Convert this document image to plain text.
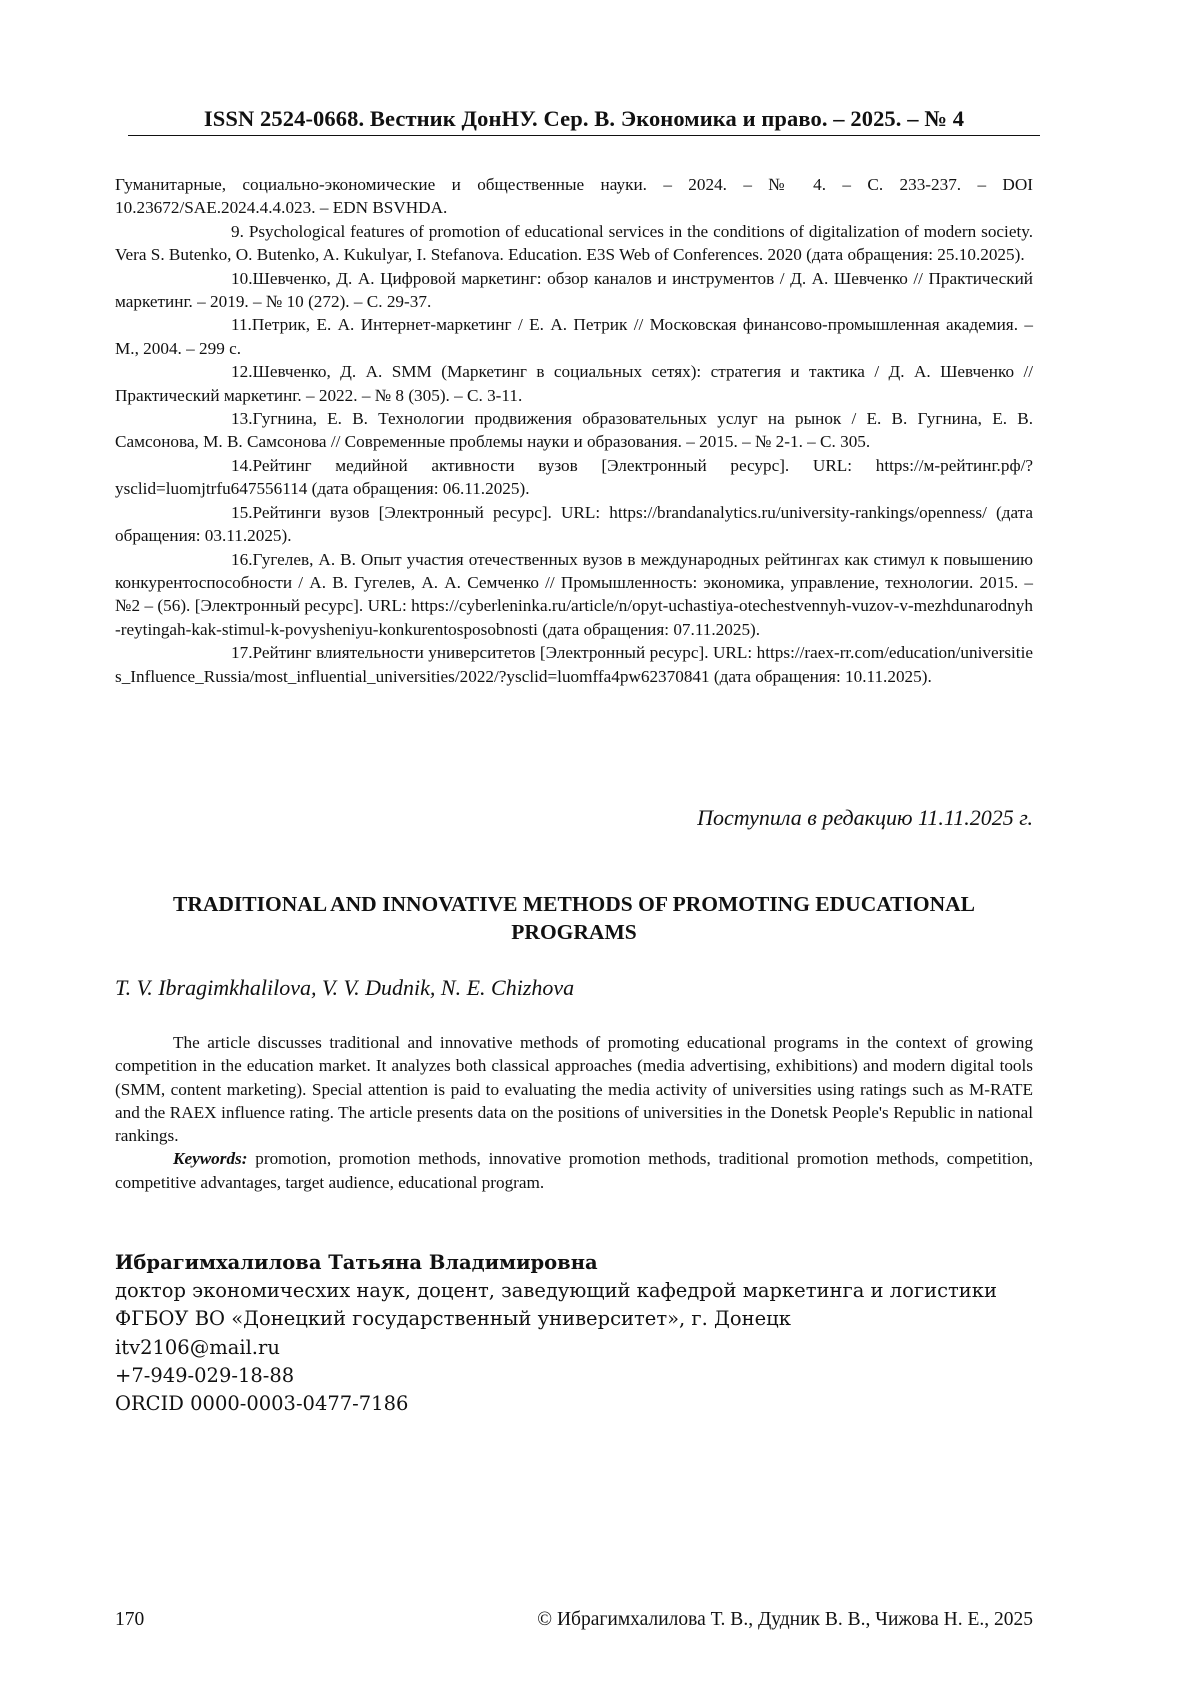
ISSN 2524-0668. Вестник ДонНУ. Сер. В. Экономика и право. – 2025. – № 4

Гуманитарные, социально-экономические и общественные науки. – 2024. – № 4. – С. 233-237. – DOI 10.23672/SAE.2024.4.4.023. – EDN BSVHDA.

9. Psychological features of promotion of educational services in the conditions of digitalization of modern society. Vera S. Butenko, O. Butenko, A. Kukulyar, I. Stefanova. Education. E3S Web of Conferences. 2020 (дата обращения: 25.10.2025).

10.Шевченко, Д. А. Цифровой маркетинг: обзор каналов и инструментов / Д. А. Шевченко // Практический маркетинг. – 2019. – № 10 (272). – С. 29-37.

11.Петрик, Е. А. Интернет-маркетинг / Е. А. Петрик // Московская финансово-промышленная академия. – М., 2004. – 299 с.

12.Шевченко, Д. А. SMM (Маркетинг в социальных сетях): стратегия и тактика / Д. А. Шевченко // Практический маркетинг. – 2022. – № 8 (305). – С. 3-11.

13.Гугнина, Е. В. Технологии продвижения образовательных услуг на рынок / Е. В. Гугнина, Е. В. Самсонова, М. В. Самсонова // Современные проблемы науки и образования. – 2015. – № 2-1. – С. 305.

14.Рейтинг медийной активности вузов [Электронный ресурс]. URL: https://м-рейтинг.рф/?ysclid=luomjtrfu647556114 (дата обращения: 06.11.2025).

15.Рейтинги вузов [Электронный ресурс]. URL: https://brandanalytics.ru/university-rankings/openness/ (дата обращения: 03.11.2025).

16.Гугелев, А. В. Опыт участия отечественных вузов в международных рейтингах как стимул к повышению конкурентоспособности / А. В. Гугелев, А. А. Семченко // Промышленность: экономика, управление, технологии. 2015. – №2 – (56). [Электронный ресурс]. URL: https://cyberleninka.ru/article/n/opyt-uchastiya-otechestvennyh-vuzov-v-mezhdunarodnyh-reytingah-kak-stimul-k-povysheniyu-konkurentosposobnosti (дата обращения: 07.11.2025).

17.Рейтинг влиятельности университетов [Электронный ресурс]. URL: https://raex-rr.com/education/universities_Influence_Russia/most_influential_universities/2022/?ysclid=luomffa4pw62370841 (дата обращения: 10.11.2025).

Поступила в редакцию 11.11.2025 г.
TRADITIONAL AND INNOVATIVE METHODS OF PROMOTING EDUCATIONAL PROGRAMS
T. V. Ibragimkhalilova, V. V. Dudnik, N. E. Chizhova

The article discusses traditional and innovative methods of promoting educational programs in the context of growing competition in the education market. It analyzes both classical approaches (media advertising, exhibitions) and modern digital tools (SMM, content marketing). Special attention is paid to evaluating the media activity of universities using ratings such as M-RATE and the RAEX influence rating. The article presents data on the positions of universities in the Donetsk People's Republic in national rankings.

Keywords: promotion, promotion methods, innovative promotion methods, traditional promotion methods, competition, competitive advantages, target audience, educational program.

Ибрагимхалилова Татьяна Владимировна
доктор экономичесхих наук, доцент, заведующий кафедрой маркетинга и логистики
ФГБОУ ВО «Донецкий государственный университет», г. Донецк
itv2106@mail.ru
+7-949-029-18-88
ORCID 0000-0003-0477-7186
170	© Ибрагимхалилова Т. В., Дудник В. В., Чижова Н. Е., 2025
